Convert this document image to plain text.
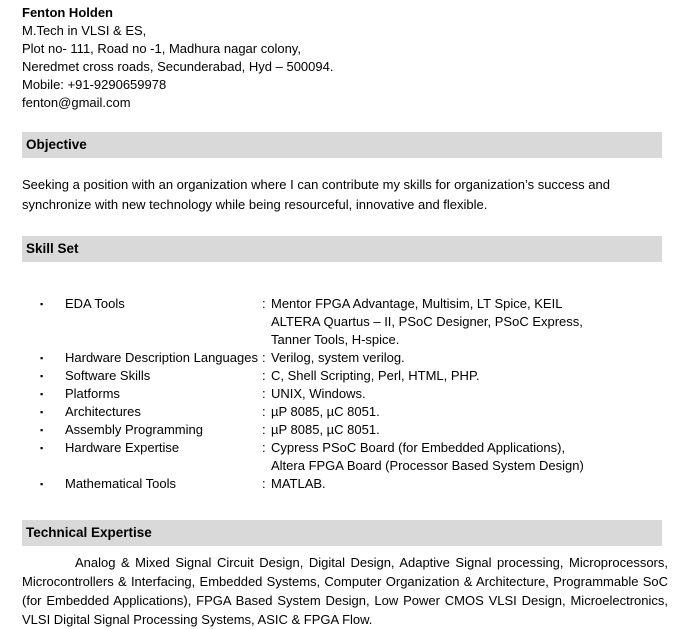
Fenton Holden
M.Tech in VLSI & ES,
Plot no- 111, Road no -1, Madhura nagar colony,
Neredmet cross roads, Secunderabad, Hyd – 500094.
Mobile: +91-9290659978
fenton@gmail.com
Objective

Seeking a position with an organization where I can contribute my skills for organization’s success and synchronize with new technology while being resourceful, innovative and flexible.

Skill Set
▪	EDA Tools	: Mentor FPGA Advantage, Multisim, LT Spice, KEIL
ALTERA Quartus – II, PSoC Designer, PSoC Express,
Tanner Tools, H-spice.
▪	Hardware Description Languages : Verilog, system verilog.
▪	Software Skills	: C, Shell Scripting, Perl, HTML, PHP.
▪	Platforms	: UNIX, Windows.
▪	Architectures	: µP 8085, µC 8051.
▪	Assembly Programming	: µP 8085, µC 8051.
▪	Hardware Expertise	: Cypress PSoC Board (for Embedded Applications),
Altera FPGA Board (Processor Based System Design)
▪	Mathematical Tools	: MATLAB.
Technical Expertise

Analog & Mixed Signal Circuit Design, Digital Design, Adaptive Signal processing, Microprocessors, Microcontrollers & Interfacing, Embedded Systems, Computer Organization & Architecture, Programmable SoC (for Embedded Applications), FPGA Based System Design, Low Power CMOS VLSI Design, Microelectronics, VLSI Digital Signal Processing Systems, ASIC & FPGA Flow.
